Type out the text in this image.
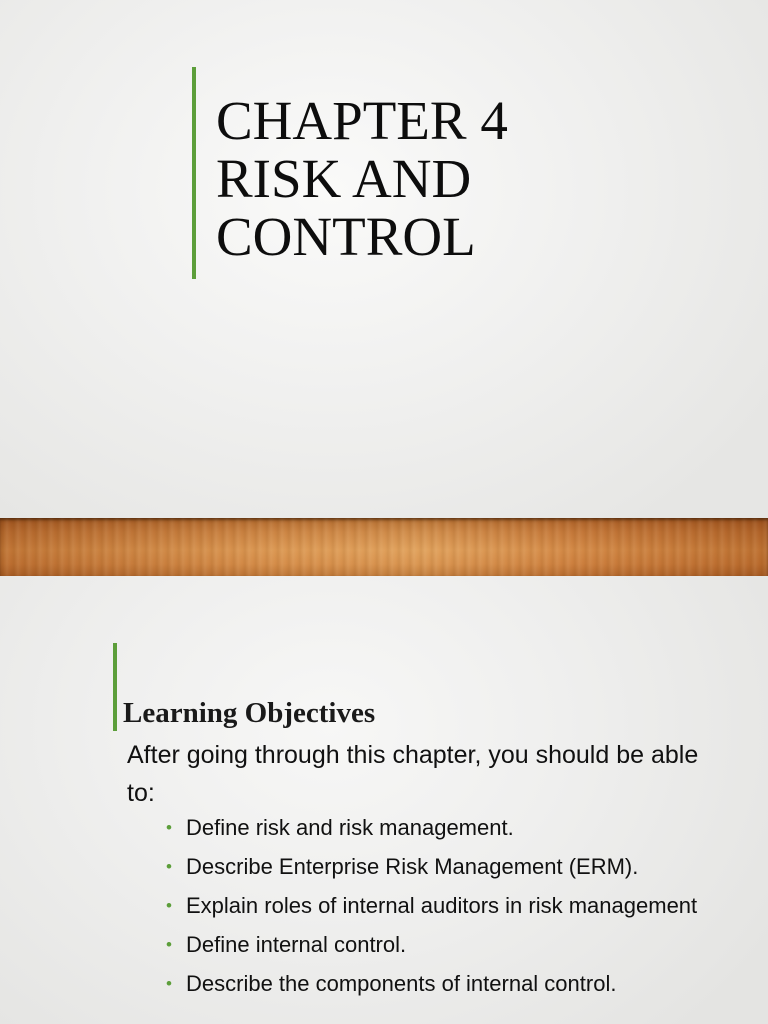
CHAPTER 4
RISK AND
CONTROL
Learning Objectives

After going through this chapter, you should be able to:

• Define risk and risk management.
• Describe Enterprise Risk Management (ERM).
• Explain roles of internal auditors in risk management
• Define internal control.
• Describe the components of internal control.
